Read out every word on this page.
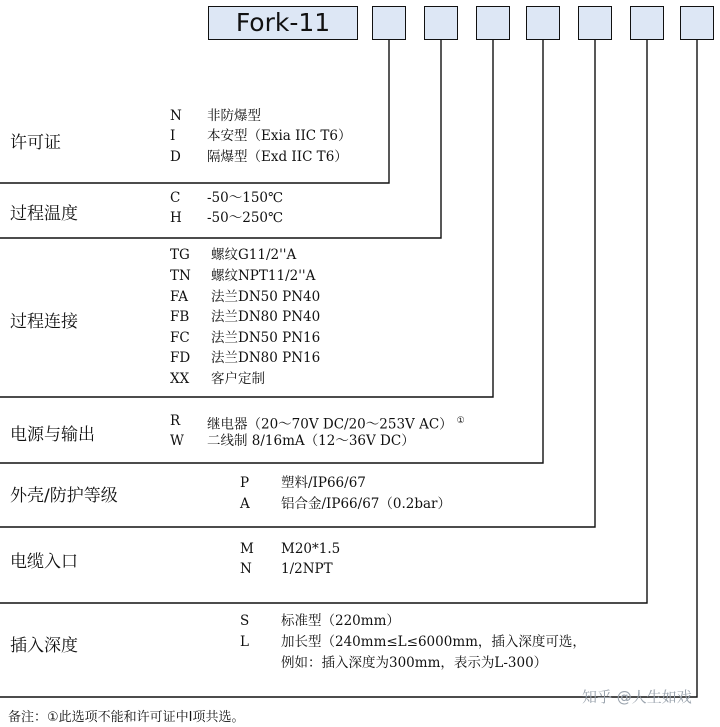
Fork-11
许可证
N 非防爆型
I 本安型（Exia IIC T6）
D 隔爆型（Exd IIC T6）
过程温度
C -50～150℃
H -50～250℃
过程连接
TG 螺纹G11/2''A
TN 螺纹NPT11/2''A
FA 法兰DN50 PN40
FB 法兰DN80 PN40
FC 法兰DN50 PN16
FD 法兰DN80 PN16
XX 客户定制
电源与输出
R 继电器（20～70V DC/20～253V AC） ①
W 二线制 8/16mA（12～36V DC）
外壳/防护等级
P 塑料/IP66/67
A 铝合金/IP66/67（0.2bar）
电缆入口
M M20*1.5
N 1/2NPT
插入深度
S 标准型（220mm）
L 加长型（240mm≤L≤6000mm，插入深度可选，
例如：插入深度为300mm，表示为L-300）
备注：①此选项不能和许可证中I项共选。
知乎 @人生如戏
